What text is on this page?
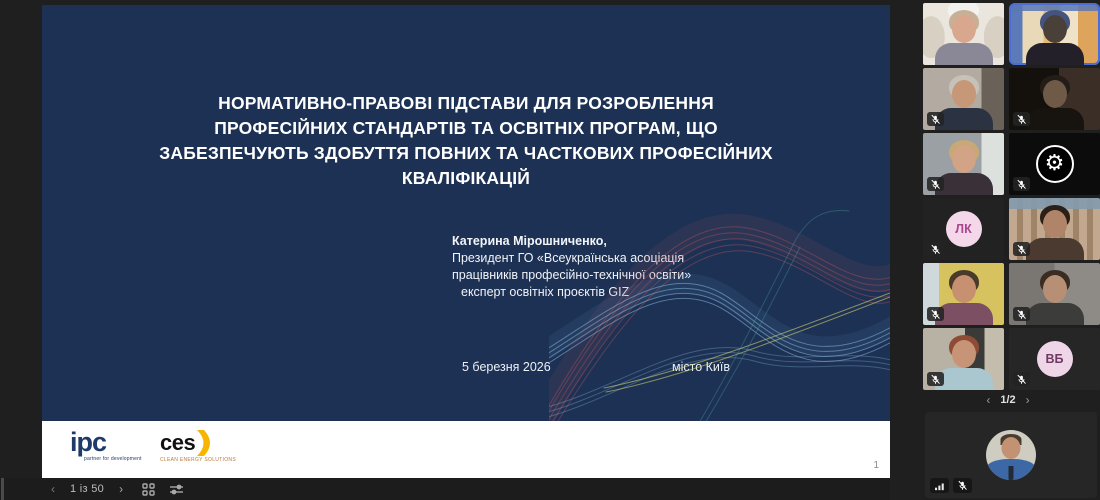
НОРМАТИВНО-ПРАВОВІ ПІДСТАВИ ДЛЯ РОЗРОБЛЕННЯ ПРОФЕСІЙНИХ СТАНДАРТІВ ТА ОСВІТНІХ ПРОГРАМ, ЩО ЗАБЕЗПЕЧУЮТЬ ЗДОБУТТЯ ПОВНИХ ТА ЧАСТКОВИХ ПРОФЕСІЙНИХ КВАЛІФІКАЦІЙ
Катерина Мірошниченко,
Президент ГО «Всеукраїнська асоціація
працівників професійно-технічної освіти»
експерт освітніх проєктів GIZ
5 березня 2026	місто Київ
ipc
partner for development
ces
CLEAN ENERGY SOLUTIONS	1
‹	1 із 50	›
⚙
ЛК
ВБ
‹ 1/2 ›
